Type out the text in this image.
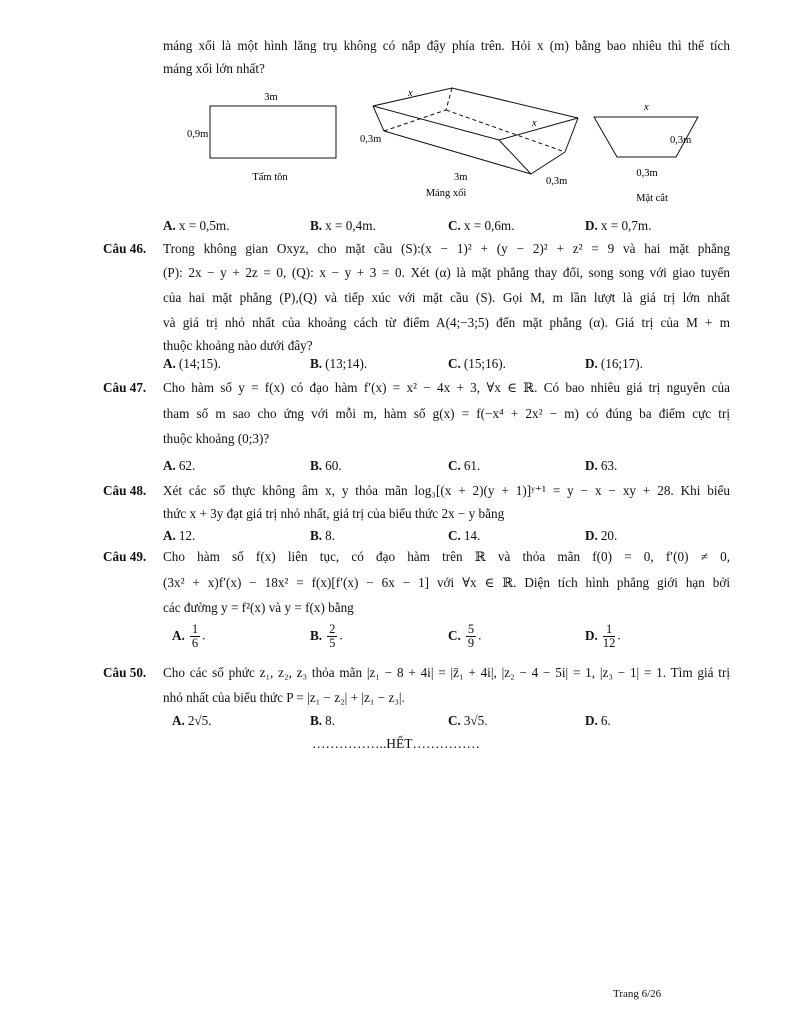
máng xối là một hình lăng trụ không có nắp đậy phía trên. Hỏi x (m) bằng bao nhiêu thì thể tích
máng xối lớn nhất?
3m
0,9m
Tấm tôn
x
x
0,3m
3m	0,3m
Máng xối
x
0,3m
0,3m
Mặt cắt
A. x = 0,5m.	B. x = 0,4m.	C. x = 0,6m.	D. x = 0,7m.
Câu 46. Trong không gian Oxyz, cho mặt cầu (S):(x − 1)² + (y − 2)² + z² = 9 và hai mặt phẳng
(P): 2x − y + 2z = 0, (Q): x − y + 3 = 0. Xét (α) là mặt phẳng thay đổi, song song với giao tuyến
của hai mặt phẳng (P),(Q) và tiếp xúc với mặt cầu (S). Gọi M, m lần lượt là giá trị lớn nhất
và giá trị nhỏ nhất của khoảng cách từ điểm A(4;−3;5) đến mặt phẳng (α). Giá trị của M + m
thuộc khoảng nào dưới đây?
A. (14;15).	B. (13;14).	C. (15;16).	D. (16;17).
Câu 47. Cho hàm số y = f(x) có đạo hàm f′(x) = x² − 4x + 3, ∀x ∈ ℝ. Có bao nhiêu giá trị nguyên của
tham số m sao cho ứng với mỗi m, hàm số g(x) = f(−x⁴ + 2x² − m) có đúng ba điểm cực trị
thuộc khoảng (0;3)?
A. 62.	B. 60.	C. 61.	D. 63.
Câu 48. Xét các số thực không âm x, y thỏa mãn log₃[(x + 2)(y + 1)]ʸ⁺¹ = y − x − xy + 28. Khi biểu
thức x + 3y đạt giá trị nhỏ nhất, giá trị của biểu thức 2x − y bằng
A. 12.	B. 8.	C. 14.	D. 20.
Câu 49. Cho hàm số f(x) liên tục, có đạo hàm trên ℝ và thỏa mãn f(0) = 0, f′(0) ≠ 0,
(3x² + x)f′(x) − 18x² = f(x)[f′(x) − 6x − 1] với ∀x ∈ ℝ. Diện tích hình phẳng giới hạn bởi
các đường y = f²(x) và y = f(x) bằng
A. $\frac{1}{6}$ .	B. $\frac{2}{5}$ .	C. $\frac{5}{9}$ .	D. $\frac{1}{12}$ .
Câu 50. Cho các số phức z₁, z₂, z₃ thỏa mãn |z₁ − 8 + 4i| = |z̄₁ + 4i|, |z₂ − 4 − 5i| = 1, |z₃ − 1| = 1. Tìm giá trị
nhỏ nhất của biểu thức P = |z₁ − z₂| + |z₁ − z₃|.
A. 2√5.	B. 8.	C. 3√5.	D. 6.
……………..HẾT……………
Trang 6/26
